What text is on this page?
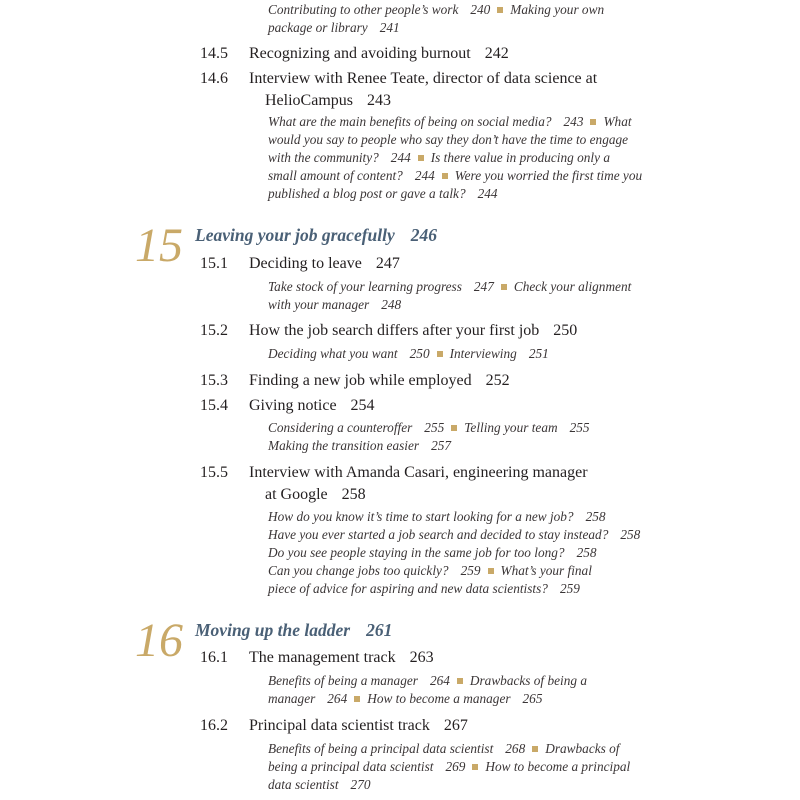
Contributing to other people’s work 240 Making your own

package or library 241

14.5 Recognizing and avoiding burnout 242
14.6 Interview with Renee Teate, director of data science at
HelioCampus 243

What are the main benefits of being on social media? 243 What

would you say to people who say they don’t have the time to engage

with the community? 244 Is there value in producing only a

small amount of content? 244 Were you worried the first time you

published a blog post or gave a talk? 244

15 Leaving your job gracefully 246
15.1 Deciding to leave 247

Take stock of your learning progress 247 Check your alignment

with your manager 248

15.2 How the job search differs after your first job 250

Deciding what you want 250 Interviewing 251

15.3 Finding a new job while employed 252
15.4 Giving notice 254

Considering a counteroffer 255 Telling your team 255

Making the transition easier 257

15.5 Interview with Amanda Casari, engineering manager
at Google 258

How do you know it’s time to start looking for a new job? 258

Have you ever started a job search and decided to stay instead? 258

Do you see people staying in the same job for too long? 258

Can you change jobs too quickly? 259 What’s your final

piece of advice for aspiring and new data scientists? 259

16 Moving up the ladder 261
16.1 The management track 263

Benefits of being a manager 264 Drawbacks of being a

manager 264 How to become a manager 265

16.2 Principal data scientist track 267

Benefits of being a principal data scientist 268 Drawbacks of

being a principal data scientist 269 How to become a principal

data scientist 270
